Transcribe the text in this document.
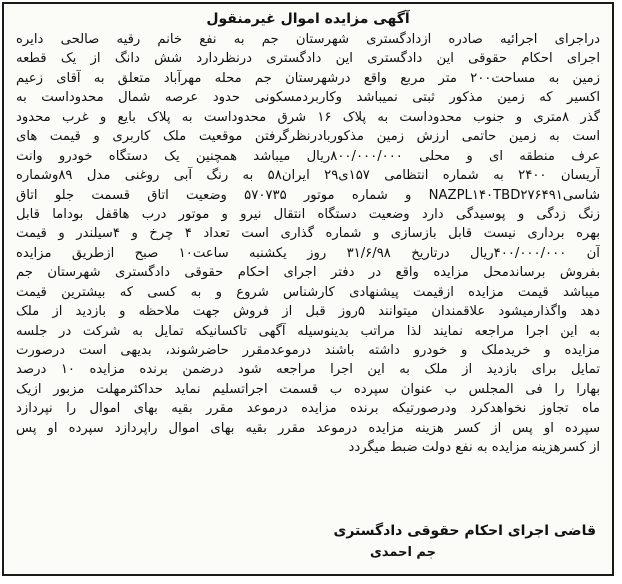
آگهی مزایده اموال غیرمنقول
دراجرای اجرائیه صادره ازدادگستری شهرستان جم به نفع خانم رقیه صالحی دایره
اجرای احکام حقوقی این دادگستری این دادگستری درنظردارد شش دانگ از یک قطعه
زمین به مساحت۲۰۰ متر مربع واقع درشهرستان جم محله مهرآباد متعلق به آقای زعیم
اکسیر که زمین مذکور ثبتی نمیباشد وکاربردمسکونی حدود عرصه شمال محدوداست به
گذر ۸متری و جنوب محدوداست به پلاک ۱۶ شرق محدوداست به پلاک بایع و غرب محدود
است به زمین حاتمی ارزش زمین مذکوربادرنظرگرفتن موقعیت ملک کاربری و قیمت های
عرف منطقه ای و محلی ۸۰۰/۰۰۰/۰۰۰ریال میباشد همچنین یک دستگاه خودرو وانت
آریسان ۲۴۰۰ به شماره انتظامی ۱۵۷ی۲۹ ایران۵۸ به رنگ آبی روغنی مدل ۸۹وشماره
شاسیNAZPL۱۴۰TBD۲۷۶۴۹۱ و شماره موتور ۵۷۰۷۳۵ وضعیت اتاق قسمت جلو اتاق
زنگ زدگی و پوسیدگی دارد وضعیت دستگاه انتقال نیرو و موتور درب هاقفل بوداما قابل
بهره برداری نیست قابل بازسازی و شماره گذاری است تعداد ۴ چرخ و ۴سیلندر و قیمت
آن ۴۰۰/۰۰۰/۰۰۰ریال درتاریخ ۳۱/۶/۹۸ روز یکشنبه ساعت۱۰ صبح ازطریق مزایده
بفروش برساندمحل مزایده واقع در دفتر اجرای احکام حقوقی دادگستری شهرستان جم
میباشد قیمت مزایده ازقیمت پیشنهادی کارشناس شروع و به کسی که بیشترین قیمت
دهد واگذارمیشود علاقمندان میتوانند ۵روز قبل از فروش جهت ملاحظه و بازدید از ملک
به این اجرا مراجعه نمایند لذا مراتب بدینوسیله آگهی تاکسانیکه تمایل به شرکت در جلسه
مزایده و خریدملک و خودرو داشته باشند درموعدمقرر حاضرشوند، بدیهی است درصورت
تمایل برای بازدید از ملک به این اجرا مراجعه شود درضمن برنده مزایده ۱۰ درصد
بهارا را فی المجلس ب عنوان سپرده ب قسمت اجراتسلیم نماید حداکثرمهلت مزبور ازیک
ماه تجاوز نخواهدکرد ودرصورتیکه برنده مزایده درموعد مقرر بقیه بهای اموال را نپردازد
سپرده او پس از کسر هزینه مزایده درموعد مقرر بقیه بهای اموال راپردازد سپرده او پس
از کسرهزینه مزایده به نفع دولت ضبط میگردد
قاضی اجرای احکام حقوقی دادگستری
جم احمدی
